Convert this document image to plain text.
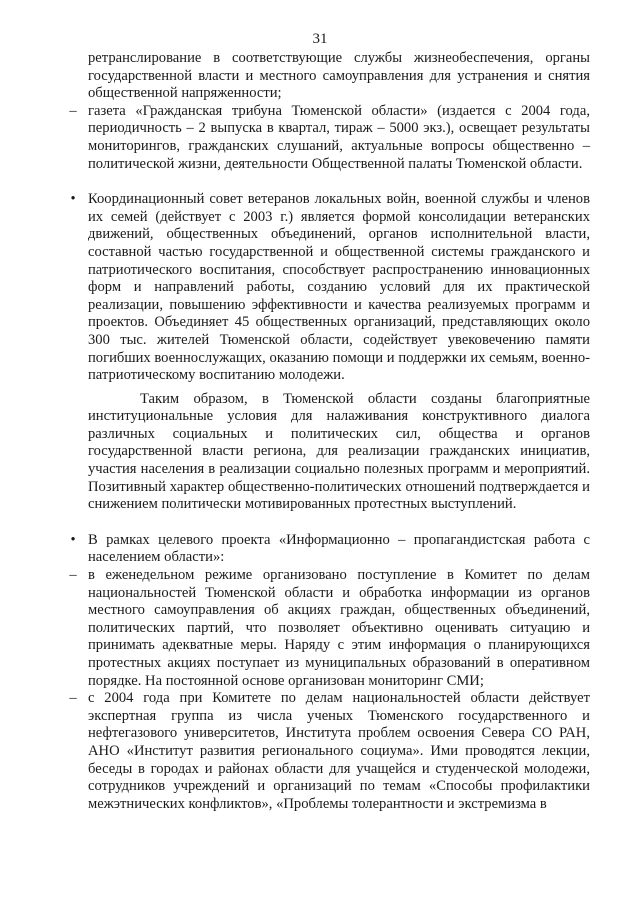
31

ретранслирование в соответствующие службы жизнеобеспечения, органы государственной власти и местного самоуправления для устранения и снятия общественной напряженности;

– газета «Гражданская трибуна Тюменской области» (издается с 2004 года, периодичность – 2 выпуска в квартал, тираж – 5000 экз.), освещает результаты мониторингов, гражданских слушаний, актуальные вопросы общественно – политической жизни, деятельности Общественной палаты Тюменской области.

• Координационный совет ветеранов локальных войн, военной службы и членов их семей (действует с 2003 г.) является формой консолидации ветеранских движений, общественных объединений, органов исполнительной власти, составной частью государственной и общественной системы гражданского и патриотического воспитания, способствует распространению инновационных форм и направлений работы, созданию условий для их практической реализации, повышению эффективности и качества реализуемых программ и проектов. Объединяет 45 общественных организаций, представляющих около 300 тыс. жителей Тюменской области, содействует увековечению памяти погибших военнослужащих, оказанию помощи и поддержки их семьям, военно-патриотическому воспитанию молодежи.

Таким образом, в Тюменской области созданы благоприятные институциональные условия для налаживания конструктивного диалога различных социальных и политических сил, общества и органов государственной власти региона, для реализации гражданских инициатив, участия населения в реализации социально полезных программ и мероприятий. Позитивный характер общественно-политических отношений подтверждается и снижением политически мотивированных протестных выступлений.

• В рамках целевого проекта «Информационно – пропагандистская работа с населением области»:

– в еженедельном режиме организовано поступление в Комитет по делам национальностей Тюменской области и обработка информации из органов местного самоуправления об акциях граждан, общественных объединений, политических партий, что позволяет объективно оценивать ситуацию и принимать адекватные меры. Наряду с этим информация о планирующихся протестных акциях поступает из муниципальных образований в оперативном порядке. На постоянной основе организован мониторинг СМИ;

– с 2004 года при Комитете по делам национальностей области действует экспертная группа из числа ученых Тюменского государственного и нефтегазового университетов, Института проблем освоения Севера СО РАН, АНО «Институт развития регионального социума». Ими проводятся лекции, беседы в городах и районах области для учащейся и студенческой молодежи, сотрудников учреждений и организаций по темам «Способы профилактики межэтнических конфликтов», «Проблемы толерантности и экстремизма в
